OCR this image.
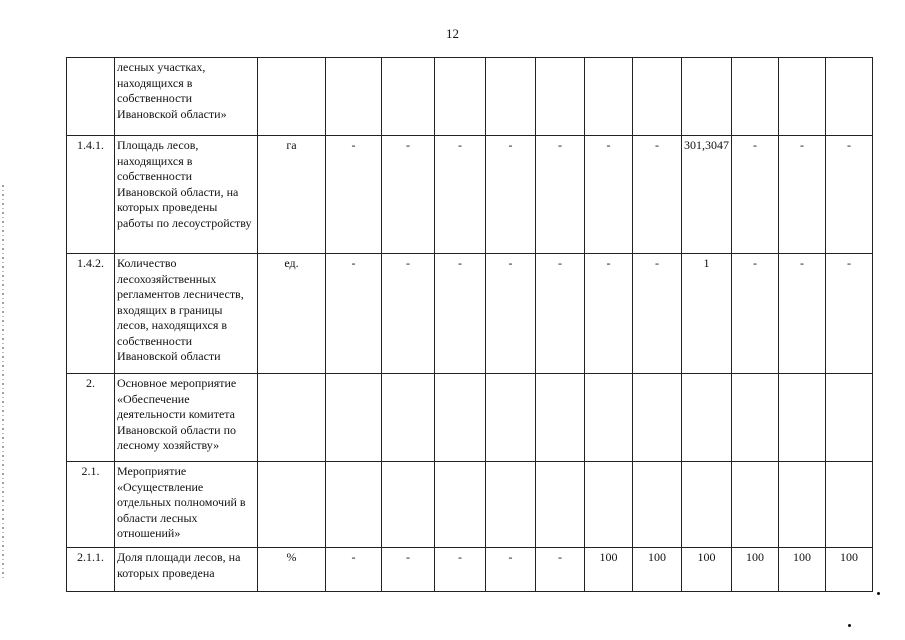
12
	лесных участках, находящихся в собственности Ивановской области»												
1.4.1.	Площадь лесов, находящихся в собственности Ивановской области, на которых проведены работы по лесоустройству	га	-	-	-	-	-	-	-	301,3047	-	-	-
1.4.2.	Количество лесохозяйственных регламентов лесничеств, входящих в границы лесов, находящихся в собственности Ивановской области	ед.	-	-	-	-	-	-	-	1	-	-	-
2.	Основное мероприятие «Обеспечение деятельности комитета Ивановской области по лесному хозяйству»												
2.1.	Мероприятие «Осуществление отдельных полномочий в области лесных отношений»												
2.1.1.	Доля площади лесов, на которых проведена	%	-	-	-	-	-	100	100	100	100	100	100
